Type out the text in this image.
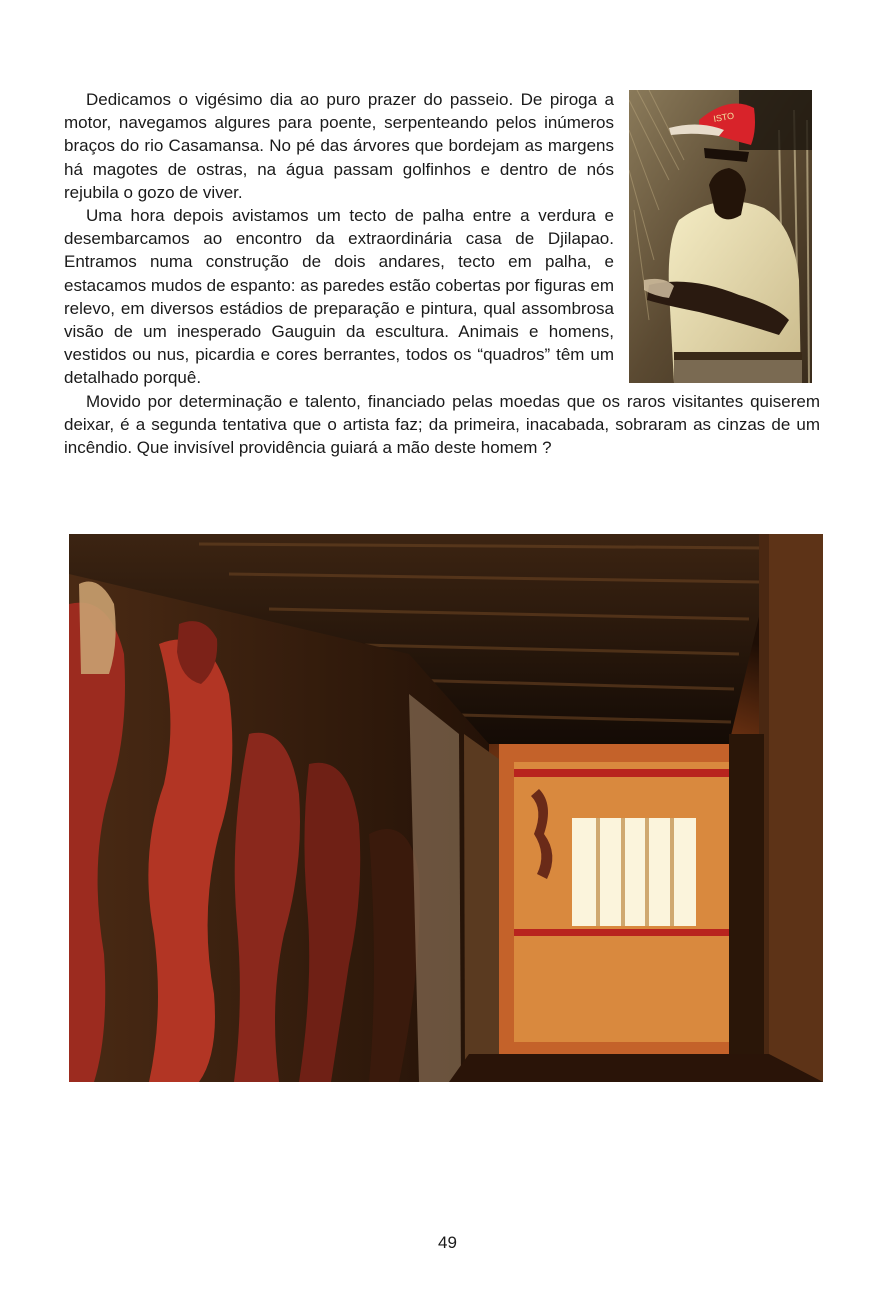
Dedicamos o vigésimo dia ao puro prazer do passeio. De piroga a motor, navegamos algures para poente, serpenteando pelos inúmeros braços do rio Casamansa. No pé das árvores que bordejam as margens há magotes de ostras, na água passam golfinhos e dentro de nós rejubila o gozo de viver.

Uma hora depois avistamos um tecto de palha entre a verdura e desembarcamos ao encontro da extraordinária casa de Djilapao. Entramos numa construção de dois andares, tecto em palha, e estacamos mudos de espanto: as paredes estão cobertas por figuras em relevo, em diversos estádios de preparação e pintura, qual assombrosa visão de um inesperado Gauguin da escultura. Animais e homens, vestidos ou nus, picardia e cores berrantes, todos os “quadros” têm um detalhado porquê.

Movido por determinação e talento, financiado pelas moedas que os raros visitantes quiserem deixar, é a segunda tentativa que o artista faz; da primeira, inacabada, sobraram as cinzas de um incêndio. Que invisível providência guiará a mão deste homem ?

ISTO
49
